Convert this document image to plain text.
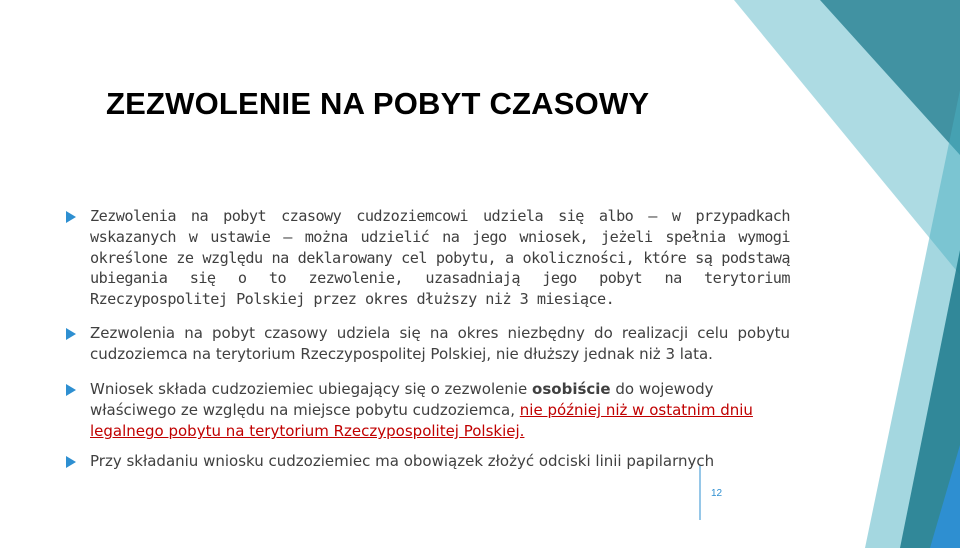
ZEZWOLENIE NA POBYT CZASOWY
Zezwolenia na pobyt czasowy cudzoziemcowi udziela się albo – w przypadkach wskazanych w ustawie – można udzielić na jego wniosek, jeżeli spełnia wymogi określone ze względu na deklarowany cel pobytu, a okoliczności, które są podstawą ubiegania się o to zezwolenie, uzasadniają jego pobyt na terytorium Rzeczypospolitej Polskiej przez okres dłuższy niż 3 miesiące.
Zezwolenia na pobyt czasowy udziela się na okres niezbędny do realizacji celu pobytu cudzoziemca na terytorium Rzeczypospolitej Polskiej, nie dłuższy jednak niż 3 lata.
Wniosek składa cudzoziemiec ubiegający się o zezwolenie osobiście do wojewody właściwego ze względu na miejsce pobytu cudzoziemca, nie później niż w ostatnim dniu legalnego pobytu na terytorium Rzeczypospolitej Polskiej.
Przy składaniu wniosku cudzoziemiec ma obowiązek złożyć odciski linii papilarnych
12
